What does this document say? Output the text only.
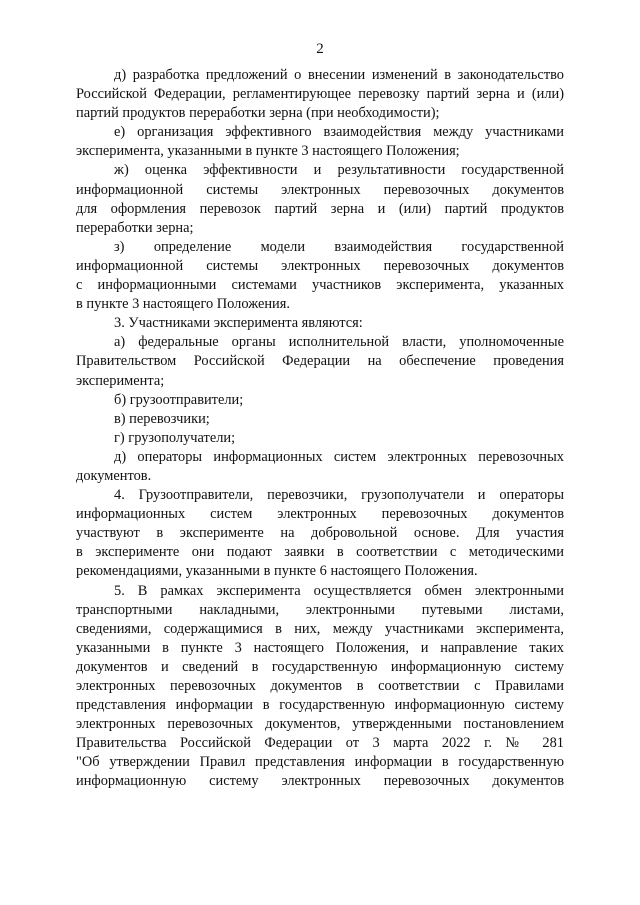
2
д) разработка предложений о внесении изменений в законодательство
Российской Федерации, регламентирующее перевозку партий зерна и (или)
партий продуктов переработки зерна (при необходимости);
е) организация эффективного взаимодействия между участниками
эксперимента, указанными в пункте 3 настоящего Положения;
ж) оценка эффективности и результативности государственной
информационной системы электронных перевозочных документов
для оформления перевозок партий зерна и (или) партий продуктов
переработки зерна;
з) определение модели взаимодействия государственной
информационной системы электронных перевозочных документов
с информационными системами участников эксперимента, указанных
в пункте 3 настоящего Положения.
3. Участниками эксперимента являются:
а) федеральные органы исполнительной власти, уполномоченные
Правительством Российской Федерации на обеспечение проведения
эксперимента;
б) грузоотправители;
в) перевозчики;
г) грузополучатели;
д) операторы информационных систем электронных перевозочных
документов.
4. Грузоотправители, перевозчики, грузополучатели и операторы
информационных систем электронных перевозочных документов
участвуют в эксперименте на добровольной основе. Для участия
в эксперименте они подают заявки в соответствии с методическими
рекомендациями, указанными в пункте 6 настоящего Положения.
5. В рамках эксперимента осуществляется обмен электронными
транспортными накладными, электронными путевыми листами,
сведениями, содержащимися в них, между участниками эксперимента,
указанными в пункте 3 настоящего Положения, и направление таких
документов и сведений в государственную информационную систему
электронных перевозочных документов в соответствии с Правилами
представления информации в государственную информационную систему
электронных перевозочных документов, утвержденными постановлением
Правительства Российской Федерации от 3 марта 2022 г. № 281
"Об утверждении Правил представления информации в государственную
информационную систему электронных перевозочных документов
